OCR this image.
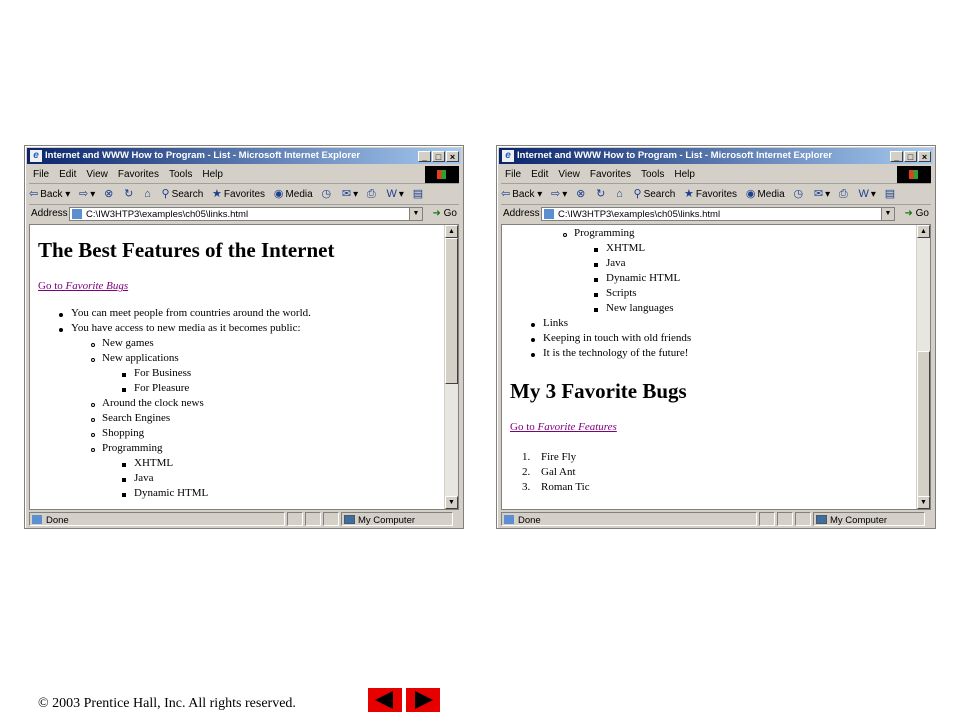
e Internet and WWW How to Program - List - Microsoft Internet Explorer	_ □ ×
File Edit View Favorites Tools Help
⇦ Back ▾ ⇨ ▾ ⊗ ↻ ⌂ ⚲ Search ★ Favorites ◉ Media ◷ ✉ ▾ ⎙ W ▾ ▤
Address	C:\IW3HTP3\examples\ch05\links.html	▼ ➜ Go
The Best Features of the Internet
Go to Favorite Bugs
You can meet people from countries around the world.
You have access to new media as it becomes public:
New games
New applications
For Business
For Pleasure
Around the clock news
Search Engines
Shopping
Programming
XHTML
Java
Dynamic HTML
▲
▼
Done	My Computer
e Internet and WWW How to Program - List - Microsoft Internet Explorer	_ □ ×
File Edit View Favorites Tools Help
⇦ Back ▾ ⇨ ▾ ⊗ ↻ ⌂ ⚲ Search ★ Favorites ◉ Media ◷ ✉ ▾ ⎙ W ▾ ▤
Address	C:\IW3HTP3\examples\ch05\links.html	▼ ➜ Go
Programming
XHTML
Java
Dynamic HTML
Scripts
New languages
Links
Keeping in touch with old friends
It is the technology of the future!
My 3 Favorite Bugs
Go to Favorite Features
1. Fire Fly
2. Gal Ant
3. Roman Tic
▲
▼
Done	My Computer
© 2003 Prentice Hall, Inc. All rights reserved.
